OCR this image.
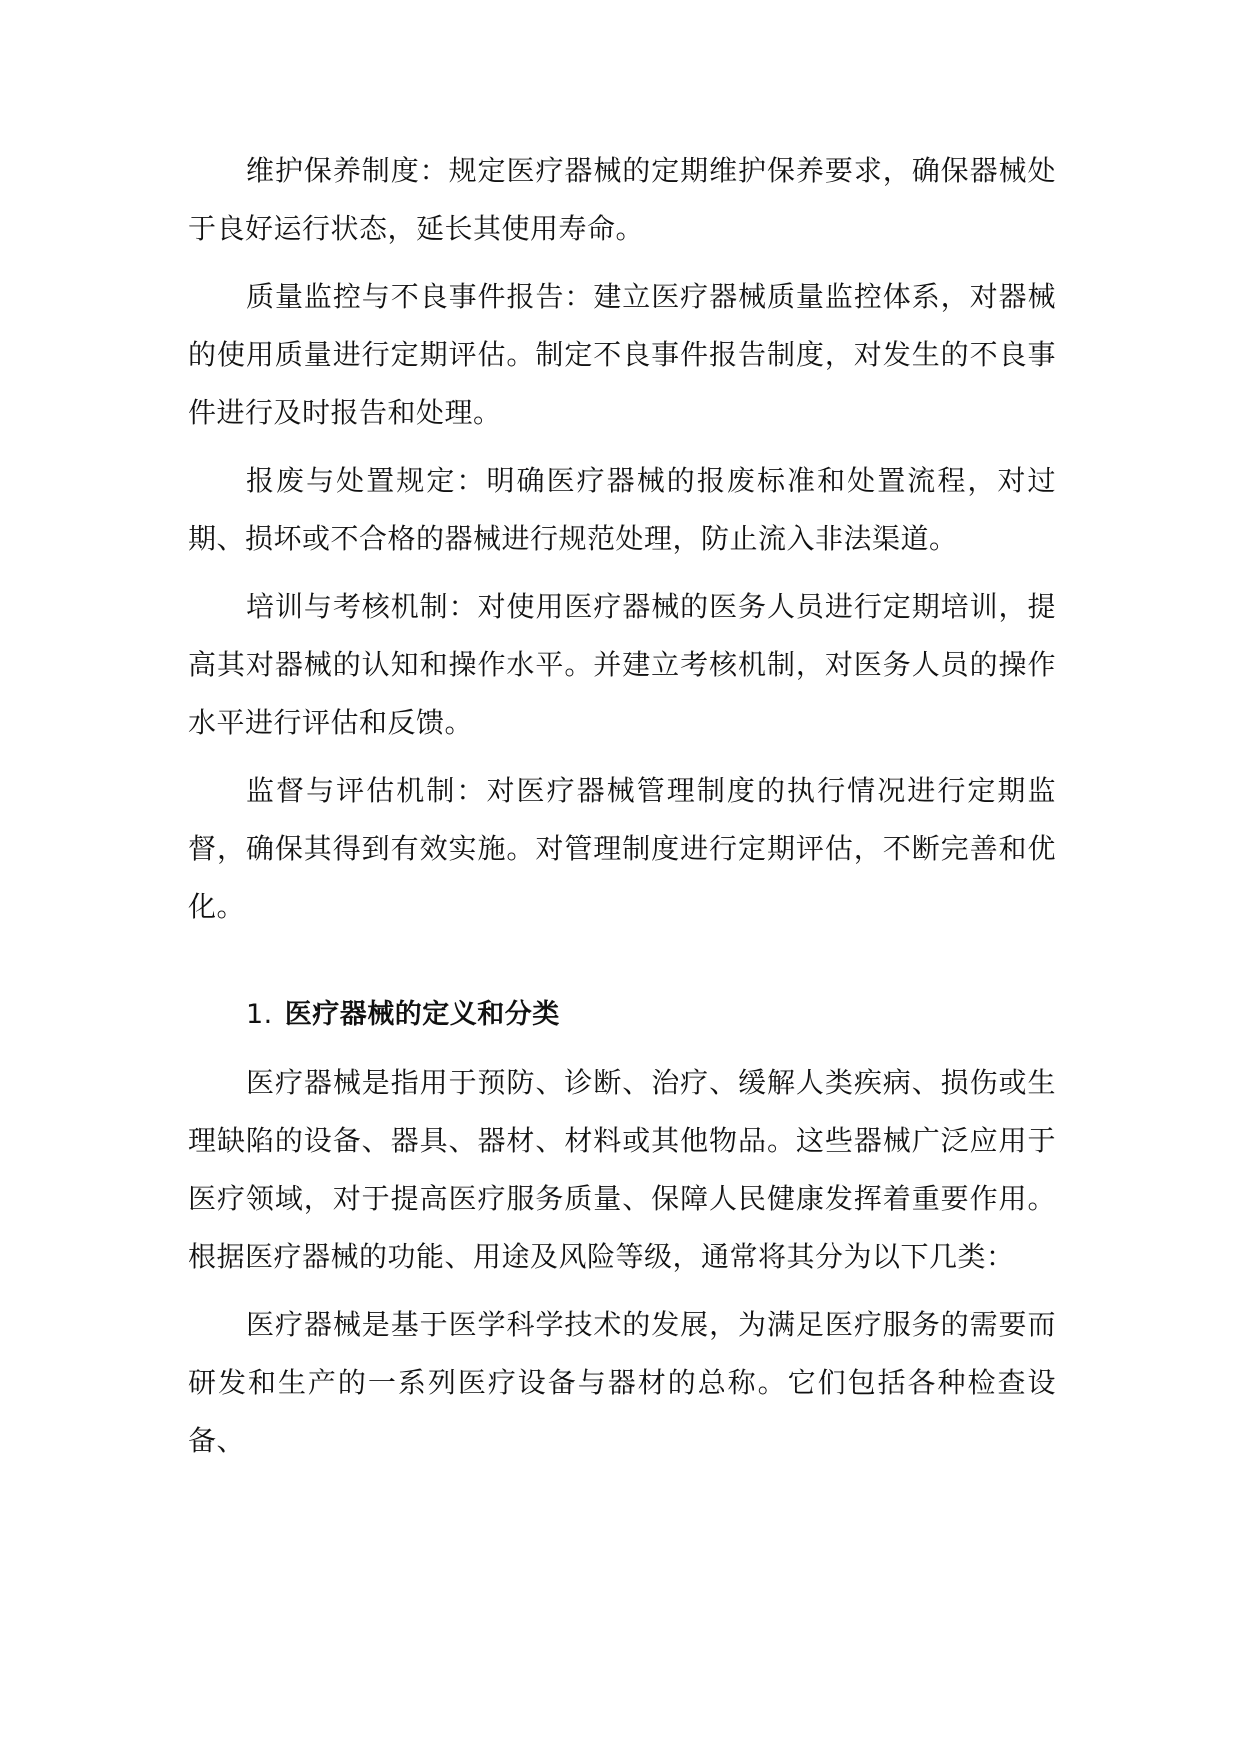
维护保养制度：规定医疗器械的定期维护保养要求，确保器械处于良好运行状态，延长其使用寿命。

质量监控与不良事件报告：建立医疗器械质量监控体系，对器械的使用质量进行定期评估。制定不良事件报告制度，对发生的不良事件进行及时报告和处理。

报废与处置规定：明确医疗器械的报废标准和处置流程，对过期、损坏或不合格的器械进行规范处理，防止流入非法渠道。

培训与考核机制：对使用医疗器械的医务人员进行定期培训，提高其对器械的认知和操作水平。并建立考核机制，对医务人员的操作水平进行评估和反馈。

监督与评估机制：对医疗器械管理制度的执行情况进行定期监督，确保其得到有效实施。对管理制度进行定期评估，不断完善和优化。

1. 医疗器械的定义和分类

医疗器械是指用于预防、诊断、治疗、缓解人类疾病、损伤或生理缺陷的设备、器具、器材、材料或其他物品。这些器械广泛应用于医疗领域，对于提高医疗服务质量、保障人民健康发挥着重要作用。根据医疗器械的功能、用途及风险等级，通常将其分为以下几类：

医疗器械是基于医学科学技术的发展，为满足医疗服务的需要而研发和生产的一系列医疗设备与器材的总称。它们包括各种检查设备、
